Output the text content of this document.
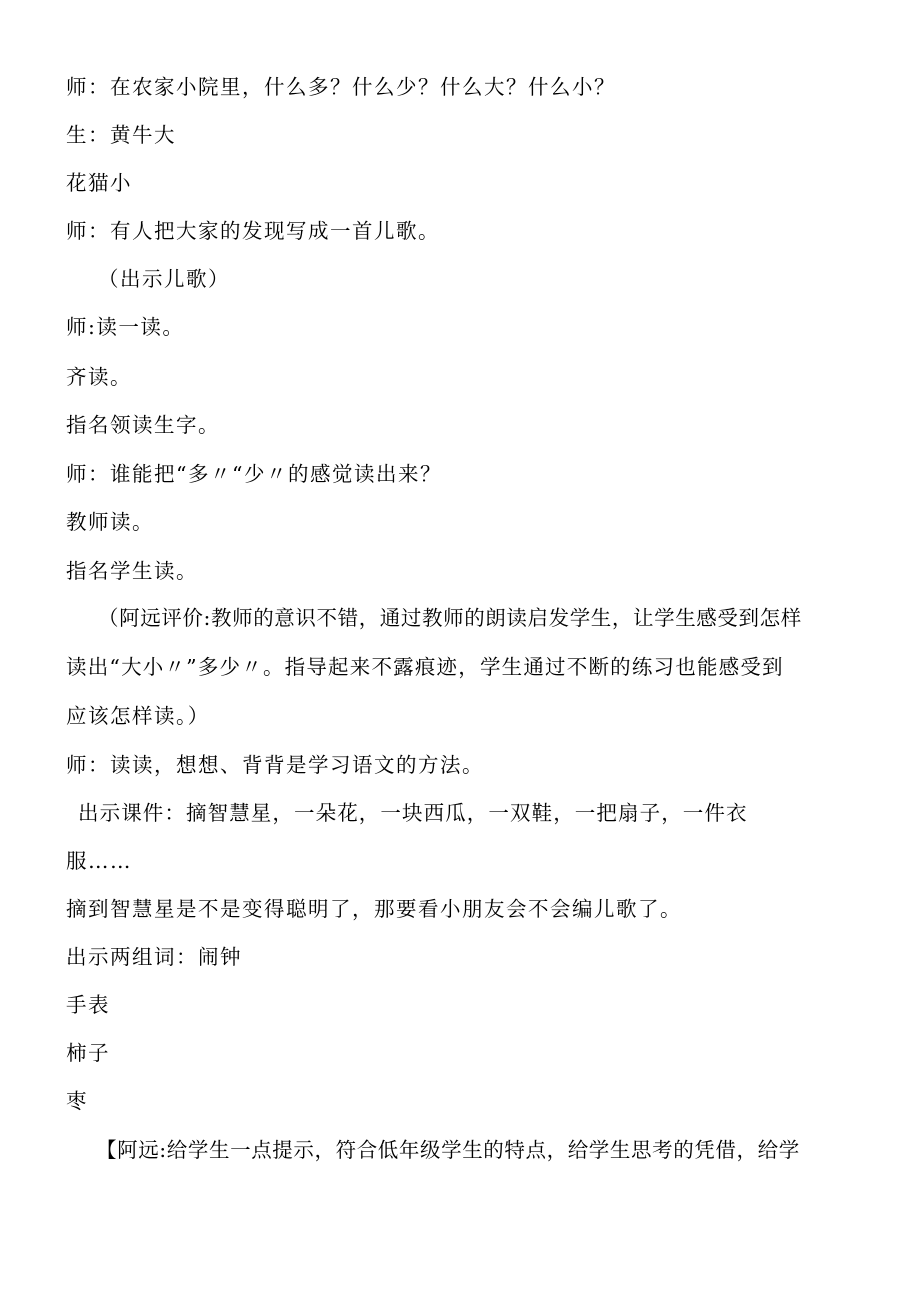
师：在农家小院里，什么多？什么少？什么大？什么小？
生：黄牛大
花猫小
师：有人把大家的发现写成一首儿歌。
（出示儿歌）
师:读一读。
齐读。
指名领读生字。
师：谁能把“多〃“少〃的感觉读出来？
教师读。
指名学生读。
（阿远评价:教师的意识不错，通过教师的朗读启发学生，让学生感受到怎样
读出“大小〃”多少〃。指导起来不露痕迹，学生通过不断的练习也能感受到
应该怎样读。）
师：读读，想想、背背是学习语文的方法。
出示课件：摘智慧星，一朵花，一块西瓜，一双鞋，一把扇子，一件衣
服……
摘到智慧星是不是变得聪明了，那要看小朋友会不会编儿歌了。
出示两组词：闹钟
手表
柿子
枣
【阿远:给学生一点提示，符合低年级学生的特点，给学生思考的凭借，给学
